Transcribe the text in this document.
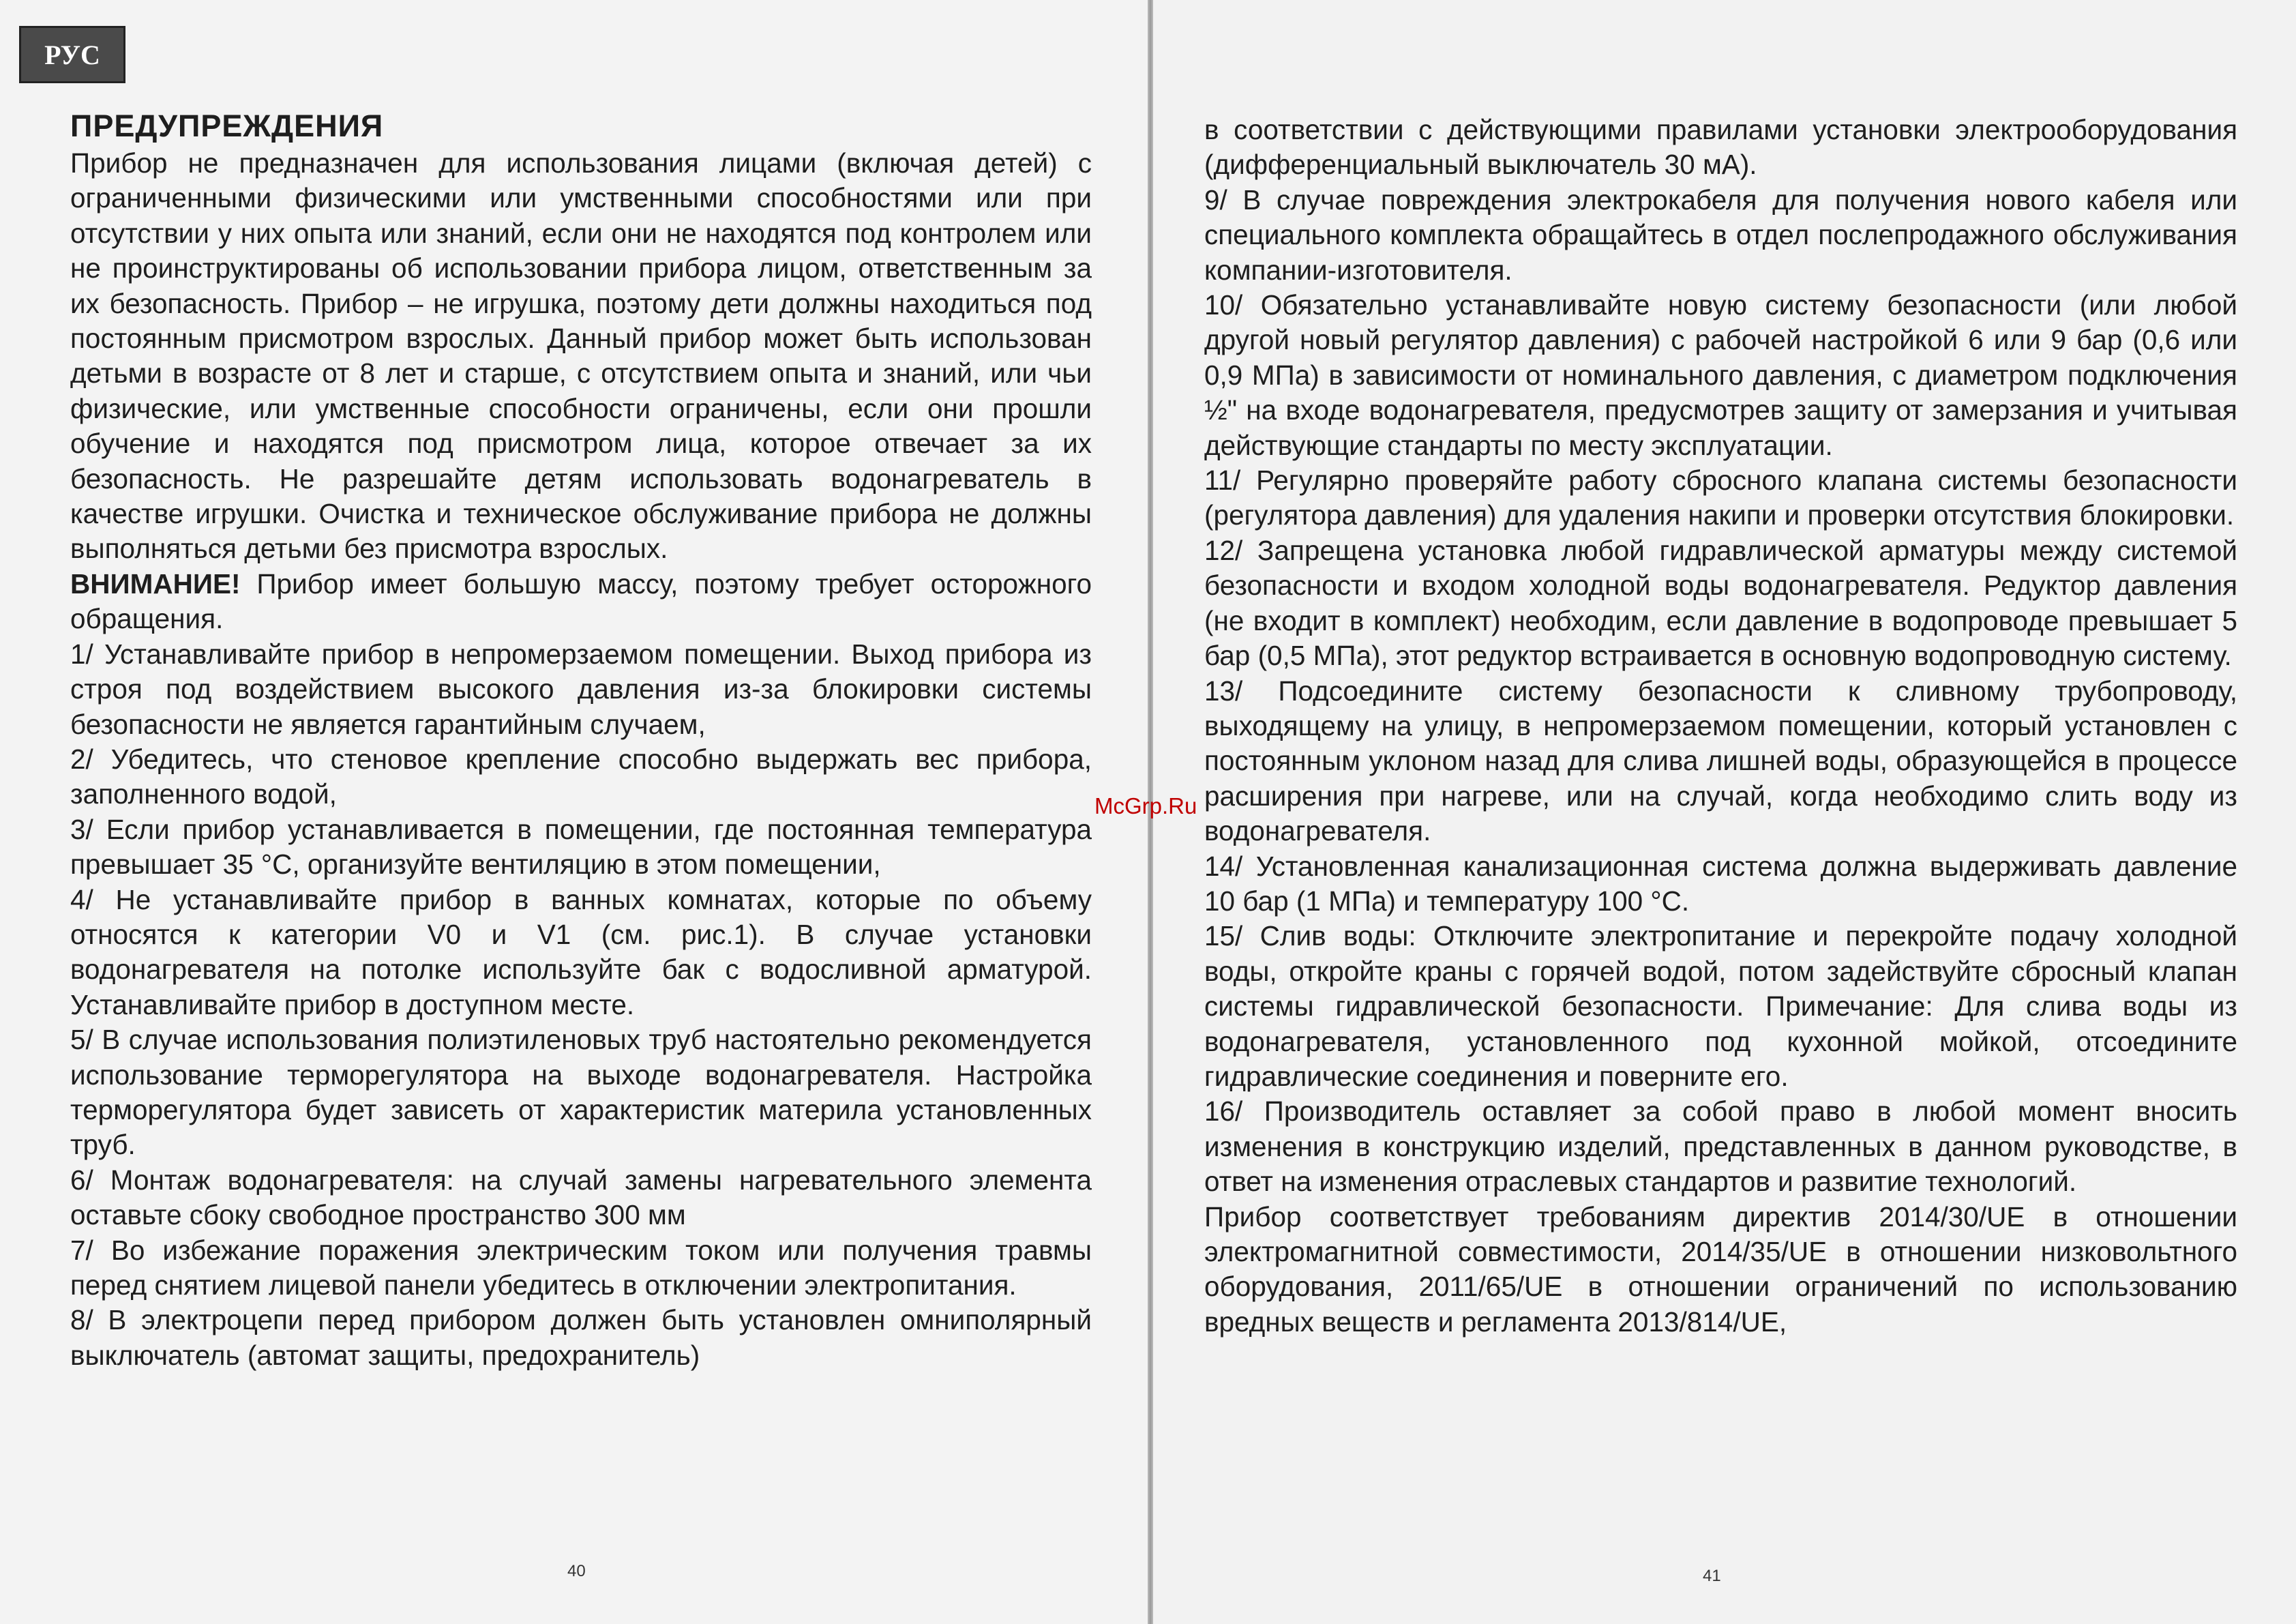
РУС
ПРЕДУПРЕЖДЕНИЯ

Прибор не предназначен для использования лицами (включая детей) с ограниченными физическими или умственными способностями или при отсутствии у них опыта или знаний, если они не находятся под контролем или не проинструктированы об использовании прибора лицом, ответственным за их безопасность. Прибор – не игрушка, поэтому дети должны находиться под постоянным присмотром взрослых. Данный прибор может быть использован детьми в возрасте от 8 лет и старше, с отсутствием опыта и знаний, или чьи физические, или умственные способности ограничены, если они прошли обучение и находятся под присмотром лица, которое отвечает за их безопасность. Не разрешайте детям использовать водонагреватель в качестве игрушки. Очистка и техническое обслуживание прибора не должны выполняться детьми без присмотра взрослых.

ВНИМАНИЕ! Прибор имеет большую массу, поэтому требует осторожного обращения.

1/ Устанавливайте прибор в непромерзаемом помещении. Выход прибора из строя под воздействием высокого давления из-за блокировки системы безопасности не является гарантийным случаем,

2/ Убедитесь, что стеновое крепление способно выдержать вес прибора, заполненного водой,

3/ Если прибор устанавливается в помещении, где постоянная температура превышает 35 °C, организуйте вентиляцию в этом помещении,

4/ Не устанавливайте прибор в ванных комнатах, которые по объему относятся к категории V0 и V1 (см. рис.1). В случае установки водонагревателя на потолке используйте бак с водосливной арматурой. Устанавливайте прибор в доступном месте.

5/ В случае использования полиэтиленовых труб настоятельно рекомендуется использование терморегулятора на выходе водонагревателя. Настройка терморегулятора будет зависеть от характеристик материла установленных труб.

6/ Монтаж водонагревателя: на случай замены нагревательного элемента оставьте сбоку свободное пространство 300 мм

7/ Во избежание поражения электрическим током или получения травмы перед снятием лицевой панели убедитесь в отключении электропитания.

8/ В электроцепи перед прибором должен быть установлен омниполярный выключатель (автомат защиты, предохранитель)

40

в соответствии с действующими правилами установки электрооборудования (дифференциальный выключатель 30 мА).

9/ В случае повреждения электрокабеля для получения нового кабеля или специального комплекта обращайтесь в отдел послепродажного обслуживания компании-изготовителя.

10/ Обязательно устанавливайте новую систему безопасности (или любой другой новый регулятор давления) с рабочей настройкой 6 или 9 бар (0,6 или 0,9 МПа) в зависимости от номинального давления, с диаметром подключения ½" на входе водонагревателя, предусмотрев защиту от замерзания и учитывая действующие стандарты по месту эксплуатации.

11/ Регулярно проверяйте работу сбросного клапана системы безопасности (регулятора давления) для удаления накипи и проверки отсутствия блокировки.

12/ Запрещена установка любой гидравлической арматуры между системой безопасности и входом холодной воды водонагревателя. Редуктор давления (не входит в комплект) необходим, если давление в водопроводе превышает 5 бар (0,5 МПа), этот редуктор встраивается в основную водопроводную систему.

13/ Подсоедините систему безопасности к сливному трубопроводу, выходящему на улицу, в непромерзаемом помещении, который установлен с постоянным уклоном назад для слива лишней воды, образующейся в процессе расширения при нагреве, или на случай, когда необходимо слить воду из водонагревателя.

14/ Установленная канализационная система должна выдерживать давление 10 бар (1 МПа) и температуру 100 °C.

15/ Слив воды: Отключите электропитание и перекройте подачу холодной воды, откройте краны с горячей водой, потом задействуйте сбросный клапан системы гидравлической безопасности. Примечание: Для слива воды из водонагревателя, установленного под кухонной мойкой, отсоедините гидравлические соединения и поверните его.

16/ Производитель оставляет за собой право в любой момент вносить изменения в конструкцию изделий, представленных в данном руководстве, в ответ на изменения отраслевых стандартов и развитие технологий.

Прибор соответствует требованиям директив 2014/30/UE в отношении электромагнитной совместимости, 2014/35/UE в отношении низковольтного оборудования, 2011/65/UE в отношении ограничений по использованию вредных веществ и регламента 2013/814/UE,

41
McGrp.Ru
